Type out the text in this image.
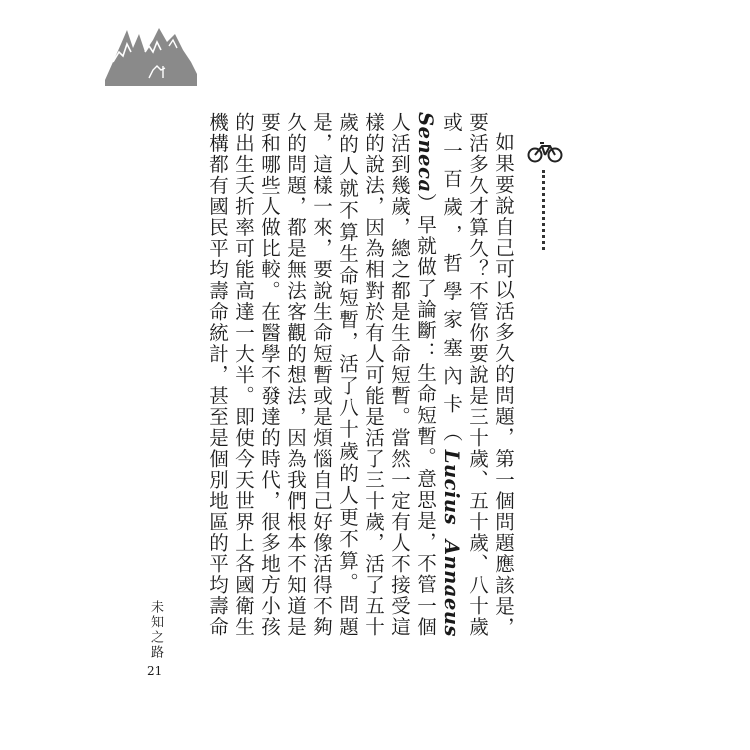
如果要說自己可以活多久的問題，第一個問題應該是，要活多久才算久？不管你要說是三十歲、五十歲、八十歲或一百歲，哲學家塞內卡（Lucius Annaeus Seneca）早就做了論斷：生命短暫。意思是，不管一個人活到幾歲，總之都是生命短暫。當然一定有人不接受這樣的說法，因為相對於有人可能是活了三十歲，活了五十歲的人就不算生命短暫，活了八十歲的人更不算。問題是，這樣一來，要說生命短暫或是煩惱自己好像活得不夠久的問題，都是無法客觀的想法，因為我們根本不知道是要和哪些人做比較。在醫學不發達的時代，很多地方小孩的出生夭折率可能高達一大半。即使今天世界上各國衛生機構都有國民平均壽命統計，甚至是個別地區的平均壽命

未知之路
21
